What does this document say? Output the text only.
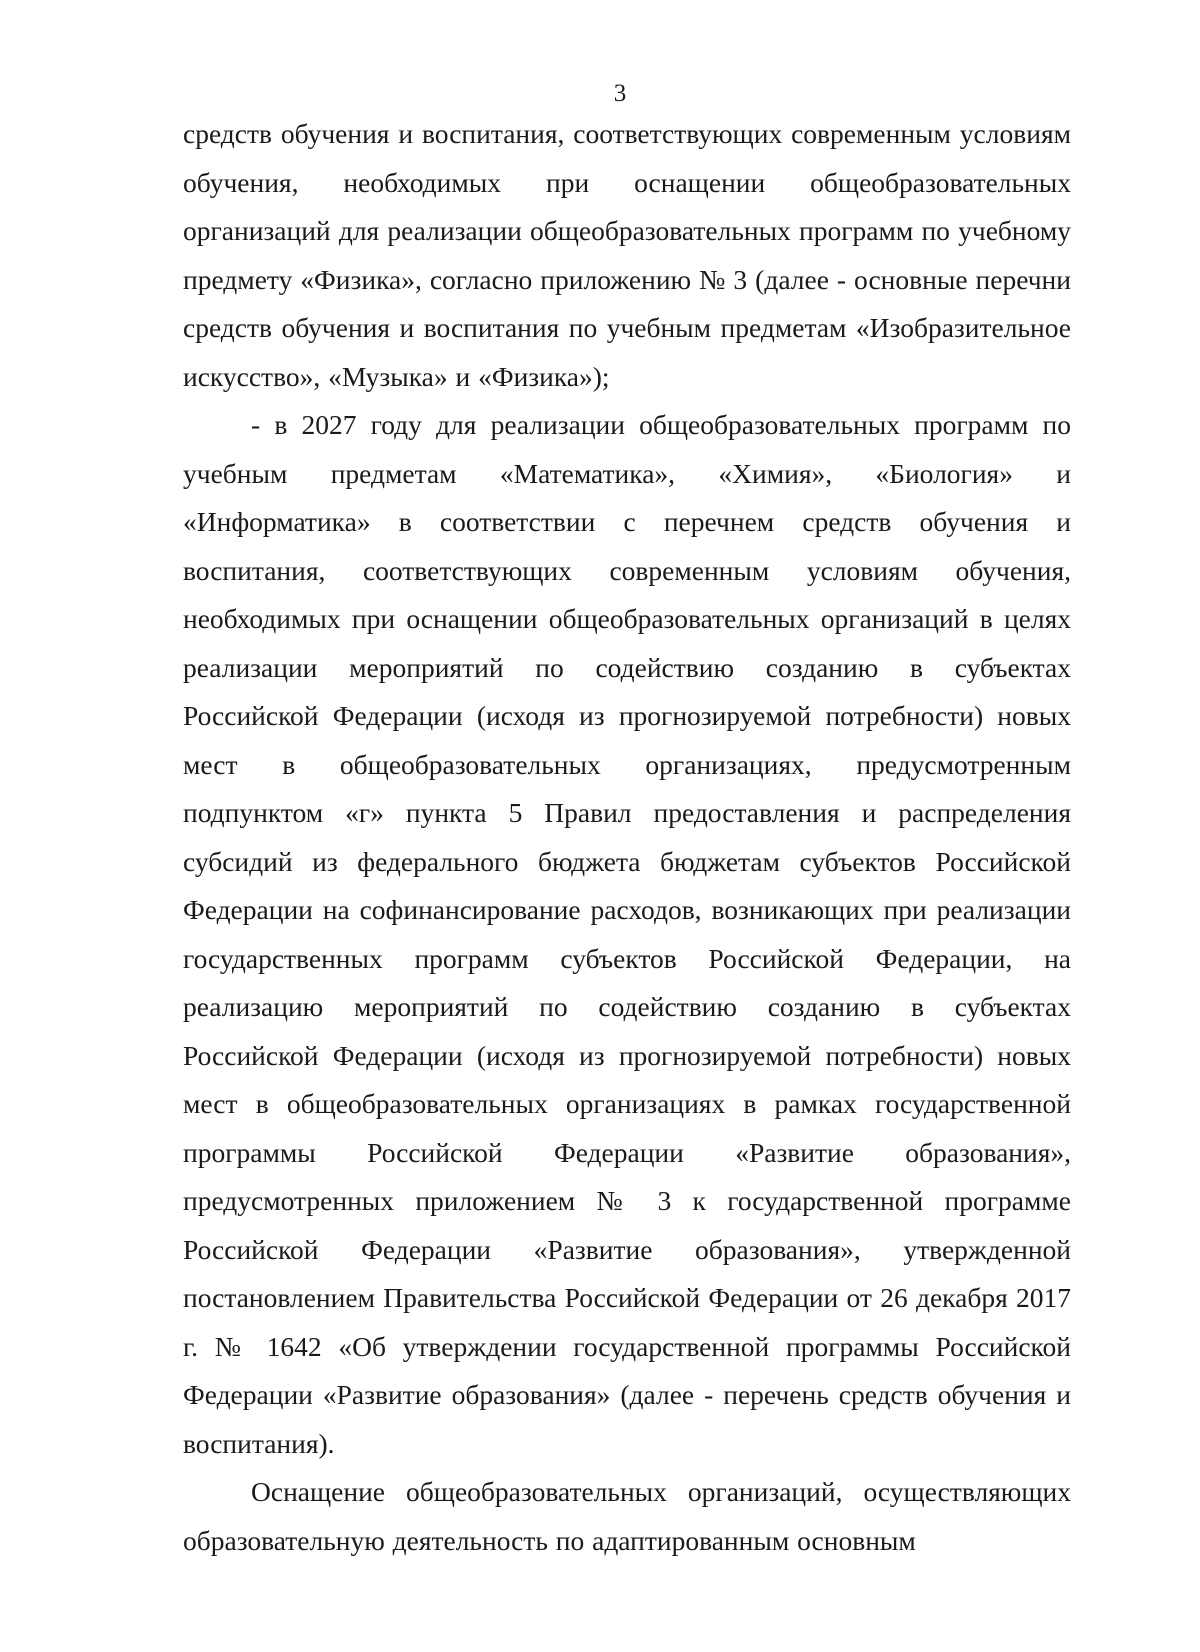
3

средств обучения и воспитания, соответствующих современным условиям обучения, необходимых при оснащении общеобразовательных организаций для реализации общеобразовательных программ по учебному предмету «Физика», согласно приложению № 3 (далее - основные перечни средств обучения и воспитания по учебным предметам «Изобразительное искусство», «Музыка» и «Физика»);

- в 2027 году для реализации общеобразовательных программ по учебным предметам «Математика», «Химия», «Биология» и «Информатика» в соответствии с перечнем средств обучения и воспитания, соответствующих современным условиям обучения, необходимых при оснащении общеобразовательных организаций в целях реализации мероприятий по содействию созданию в субъектах Российской Федерации (исходя из прогнозируемой потребности) новых мест в общеобразовательных организациях, предусмотренным подпунктом «г» пункта 5 Правил предоставления и распределения субсидий из федерального бюджета бюджетам субъектов Российской Федерации на софинансирование расходов, возникающих при реализации государственных программ субъектов Российской Федерации, на реализацию мероприятий по содействию созданию в субъектах Российской Федерации (исходя из прогнозируемой потребности) новых мест в общеобразовательных организациях в рамках государственной программы Российской Федерации «Развитие образования», предусмотренных приложением № 3 к государственной программе Российской Федерации «Развитие образования», утвержденной постановлением Правительства Российской Федерации от 26 декабря 2017 г. № 1642 «Об утверждении государственной программы Российской Федерации «Развитие образования» (далее - перечень средств обучения и воспитания).

Оснащение общеобразовательных организаций, осуществляющих образовательную деятельность по адаптированным основным
